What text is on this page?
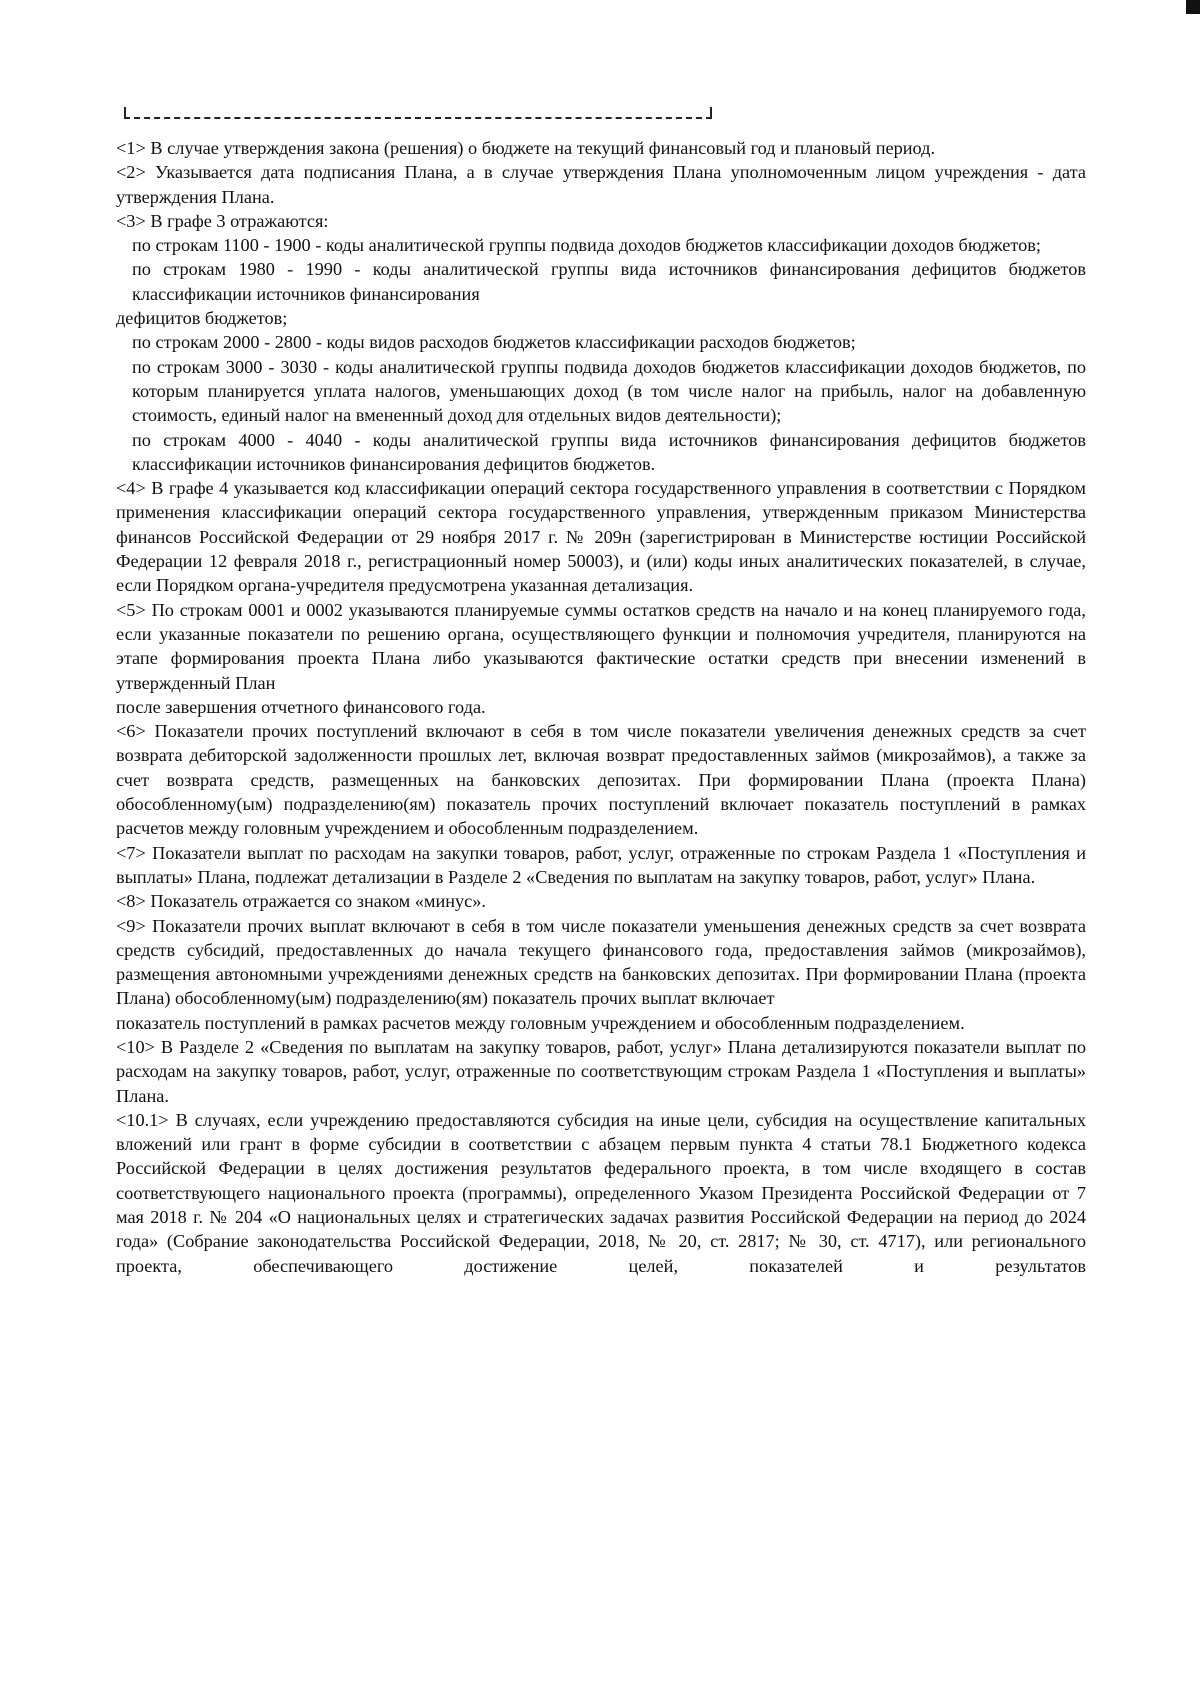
<1> В случае утверждения закона (решения) о бюджете на текущий финансовый год и плановый период.

<2> Указывается дата подписания Плана, а в случае утверждения Плана уполномоченным лицом учреждения - дата утверждения Плана.

<3> В графе 3 отражаются:

по строкам 1100 - 1900 - коды аналитической группы подвида доходов бюджетов классификации доходов бюджетов;

по строкам 1980 - 1990 - коды аналитической группы вида источников финансирования дефицитов бюджетов классификации источников финансирования

дефицитов бюджетов;

по строкам 2000 - 2800 - коды видов расходов бюджетов классификации расходов бюджетов;

по строкам 3000 - 3030 - коды аналитической группы подвида доходов бюджетов классификации доходов бюджетов, по которым планируется уплата налогов, уменьшающих доход (в том числе налог на прибыль, налог на добавленную стоимость, единый налог на вмененный доход для отдельных видов деятельности);

по строкам 4000 - 4040 - коды аналитической группы вида источников финансирования дефицитов бюджетов классификации источников финансирования дефицитов бюджетов.

<4> В графе 4 указывается код классификации операций сектора государственного управления в соответствии с Порядком применения классификации операций сектора государственного управления, утвержденным приказом Министерства финансов Российской Федерации от 29 ноября 2017 г. № 209н (зарегистрирован в Министерстве юстиции Российской Федерации 12 февраля 2018 г., регистрационный номер 50003), и (или) коды иных аналитических показателей, в случае, если Порядком органа-учредителя предусмотрена указанная детализация.

<5> По строкам 0001 и 0002 указываются планируемые суммы остатков средств на начало и на конец планируемого года, если указанные показатели по решению органа, осуществляющего функции и полномочия учредителя, планируются на этапе формирования проекта Плана либо указываются фактические остатки средств при внесении изменений в утвержденный План

после завершения отчетного финансового года.

<6> Показатели прочих поступлений включают в себя в том числе показатели увеличения денежных средств за счет возврата дебиторской задолженности прошлых лет, включая возврат предоставленных займов (микрозаймов), а также за счет возврата средств, размещенных на банковских депозитах. При формировании Плана (проекта Плана) обособленному(ым) подразделению(ям) показатель прочих поступлений включает показатель поступлений в рамках расчетов между головным учреждением и обособленным подразделением.

<7> Показатели выплат по расходам на закупки товаров, работ, услуг, отраженные по строкам Раздела 1 «Поступления и выплаты» Плана, подлежат детализации в Разделе 2 «Сведения по выплатам на закупку товаров, работ, услуг» Плана.

<8> Показатель отражается со знаком «минус».

<9> Показатели прочих выплат включают в себя в том числе показатели уменьшения денежных средств за счет возврата средств субсидий, предоставленных до начала текущего финансового года, предоставления займов (микрозаймов), размещения автономными учреждениями денежных средств на банковских депозитах. При формировании Плана (проекта Плана) обособленному(ым) подразделению(ям) показатель прочих выплат включает

показатель поступлений в рамках расчетов между головным учреждением и обособленным подразделением.

<10> В Разделе 2 «Сведения по выплатам на закупку товаров, работ, услуг» Плана детализируются показатели выплат по расходам на закупку товаров, работ, услуг, отраженные по соответствующим строкам Раздела 1 «Поступления и выплаты» Плана.

<10.1> В случаях, если учреждению предоставляются субсидия на иные цели, субсидия на осуществление капитальных вложений или грант в форме субсидии в соответствии с абзацем первым пункта 4 статьи 78.1 Бюджетного кодекса Российской Федерации в целях достижения результатов федерального проекта, в том числе входящего в состав соответствующего национального проекта (программы), определенного Указом Президента Российской Федерации от 7 мая 2018 г. № 204 «О национальных целях и стратегических задачах развития Российской Федерации на период до 2024 года» (Собрание законодательства Российской Федерации, 2018, № 20, ст. 2817; № 30, ст. 4717), или регионального проекта, обеспечивающего достижение целей, показателей и результатов
